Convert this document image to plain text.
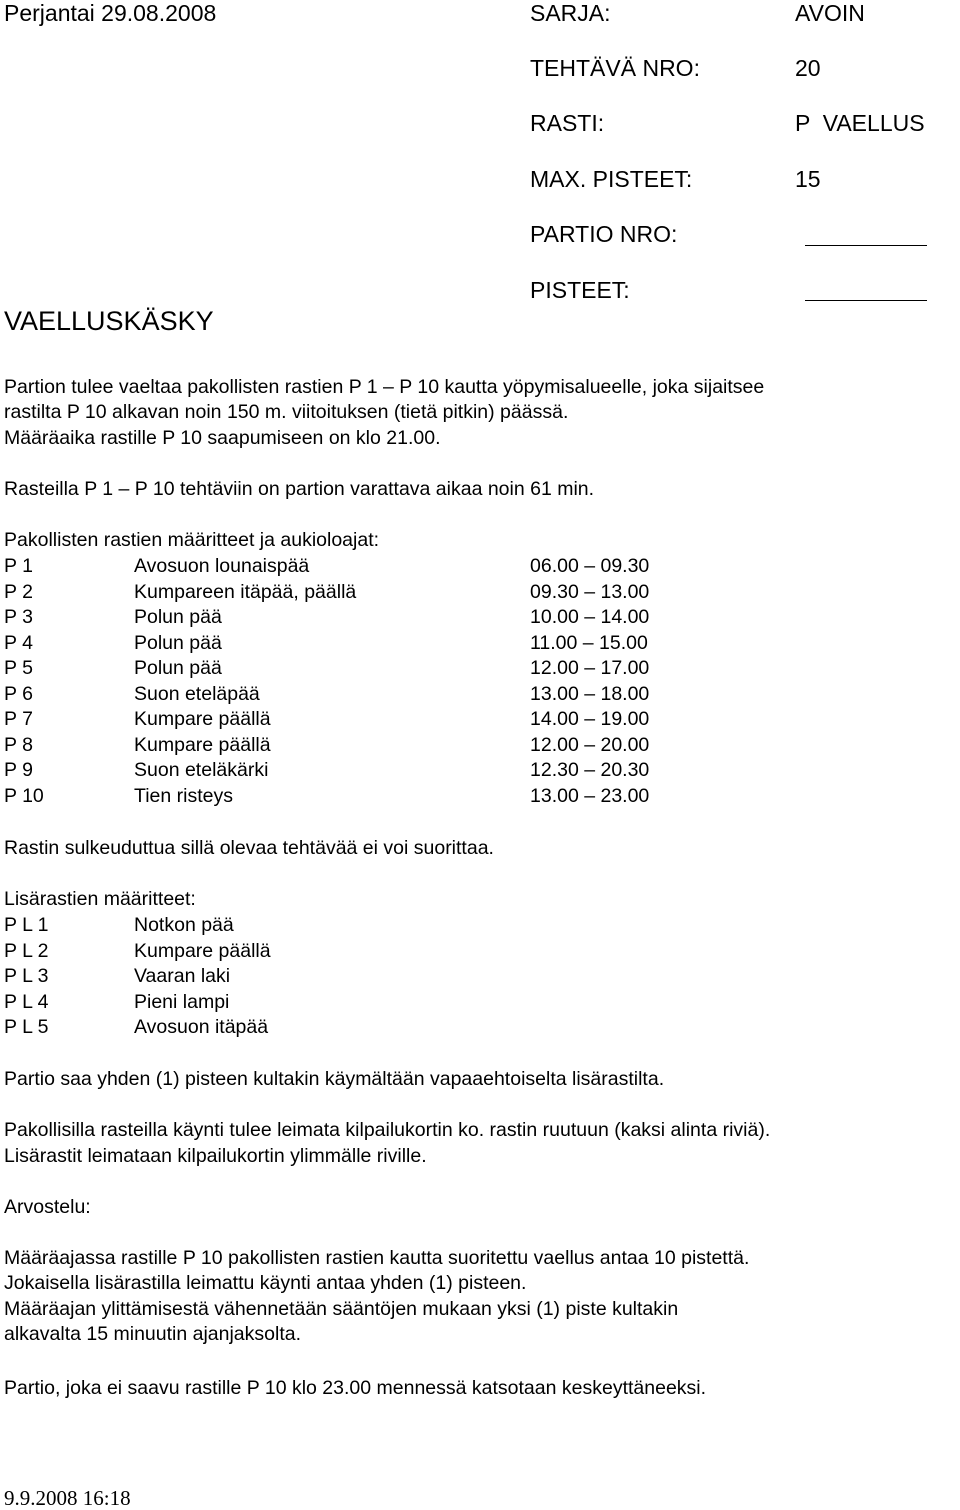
Perjantai 29.08.2008	SARJA:	AVOIN
TEHTÄVÄ NRO:	20
RASTI:	P  VAELLUS
MAX. PISTEET:	15
PARTIO NRO:
VAELLUSKÄSKY
PISTEET:
Partion tulee vaeltaa pakollisten rastien P 1 – P 10 kautta yöpymisalueelle, joka sijaitsee
rastilta P 10 alkavan noin 150 m. viitoituksen (tietä pitkin) päässä.
Määräaika rastille P 10 saapumiseen on klo 21.00.
Rasteilla P 1 – P 10 tehtäviin on partion varattava aikaa noin 61 min.
Pakollisten rastien määritteet ja aukioloajat:
P 1	Avosuon lounaispää	06.00 – 09.30
P 2	Kumpareen itäpää, päällä	09.30 – 13.00
P 3	Polun pää	10.00 – 14.00
P 4	Polun pää	11.00 – 15.00
P 5	Polun pää	12.00 – 17.00
P 6	Suon eteläpää	13.00 – 18.00
P 7	Kumpare päällä	14.00 – 19.00
P 8	Kumpare päällä	12.00 – 20.00
P 9	Suon eteläkärki	12.30 – 20.30
P 10	Tien risteys	13.00 – 23.00
Rastin sulkeuduttua sillä olevaa tehtävää ei voi suorittaa.
Lisärastien määritteet:
P L 1	Notkon pää
P L 2	Kumpare päällä
P L 3	Vaaran laki
P L 4	Pieni lampi
P L 5	Avosuon itäpää
Partio saa yhden (1) pisteen kultakin käymältään vapaaehtoiselta lisärastilta.
Pakollisilla rasteilla käynti tulee leimata kilpailukortin ko. rastin ruutuun (kaksi alinta riviä).
Lisärastit leimataan kilpailukortin ylimmälle riville.
Arvostelu:
Määräajassa rastille P 10 pakollisten rastien kautta suoritettu vaellus antaa 10 pistettä.
Jokaisella lisärastilla leimattu käynti antaa yhden (1) pisteen.
Määräajan ylittämisestä vähennetään sääntöjen mukaan yksi (1) piste kultakin
alkavalta 15 minuutin ajanjaksolta.
Partio, joka ei saavu rastille P 10 klo 23.00 mennessä katsotaan keskeyttäneeksi.
9.9.2008 16:18
